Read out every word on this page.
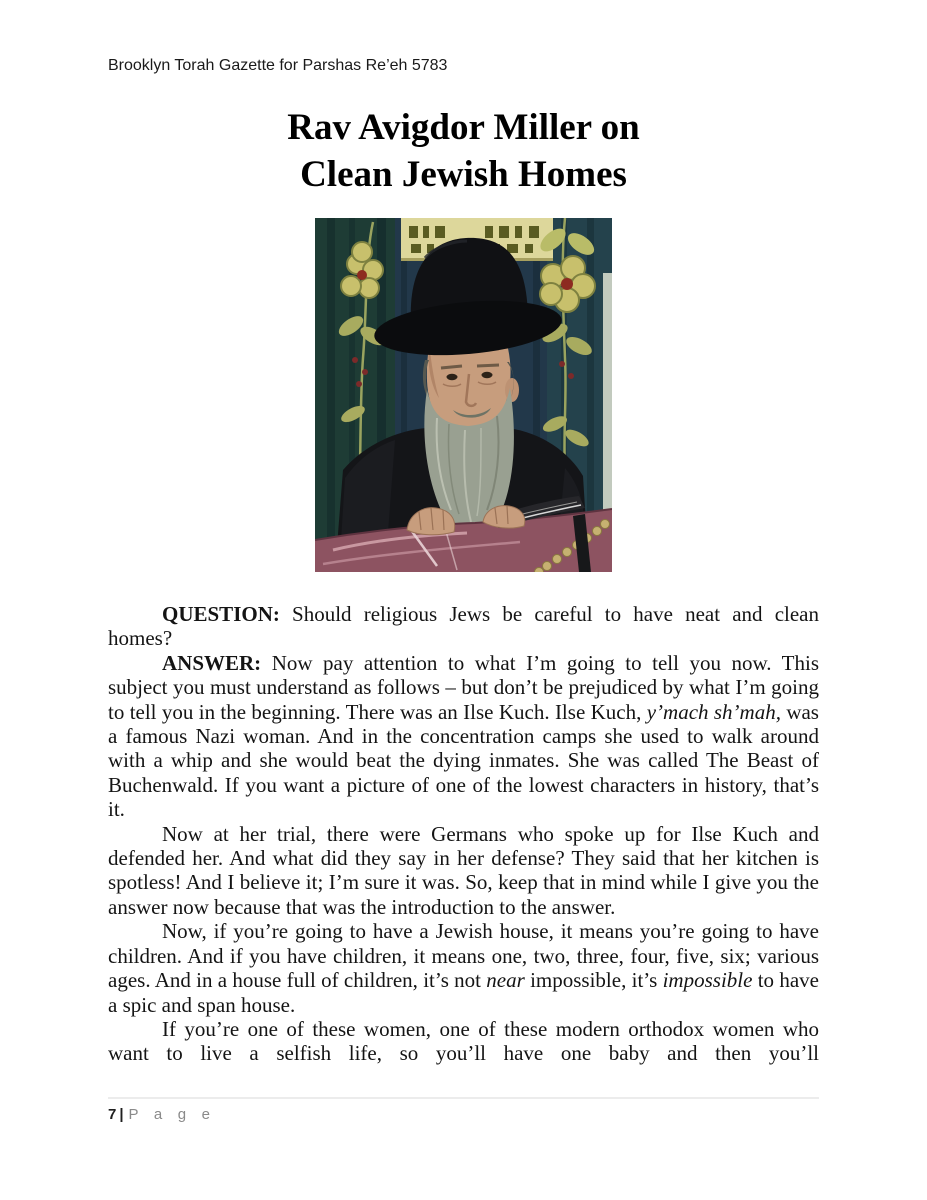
Brooklyn Torah Gazette for Parshas Re’eh 5783
Rav Avigdor Miller on
Clean Jewish Homes

QUESTION: Should religious Jews be careful to have neat and clean homes?

ANSWER: Now pay attention to what I’m going to tell you now. This subject you must understand as follows – but don’t be prejudiced by what I’m going to tell you in the beginning. There was an Ilse Kuch. Ilse Kuch, y’mach sh’mah, was a famous Nazi woman. And in the concentration camps she used to walk around with a whip and she would beat the dying inmates. She was called The Beast of Buchenwald. If you want a picture of one of the lowest characters in history, that’s it.

Now at her trial, there were Germans who spoke up for Ilse Kuch and defended her. And what did they say in her defense? They said that her kitchen is spotless! And I believe it; I’m sure it was. So, keep that in mind while I give you the answer now because that was the introduction to the answer.

Now, if you’re going to have a Jewish house, it means you’re going to have children. And if you have children, it means one, two, three, four, five, six; various ages. And in a house full of children, it’s not near impossible, it’s impossible to have a spic and span house.

If you’re one of these women, one of these modern orthodox women who want to live a selfish life, so you’ll have one baby and then you’ll

7 | P a g e
